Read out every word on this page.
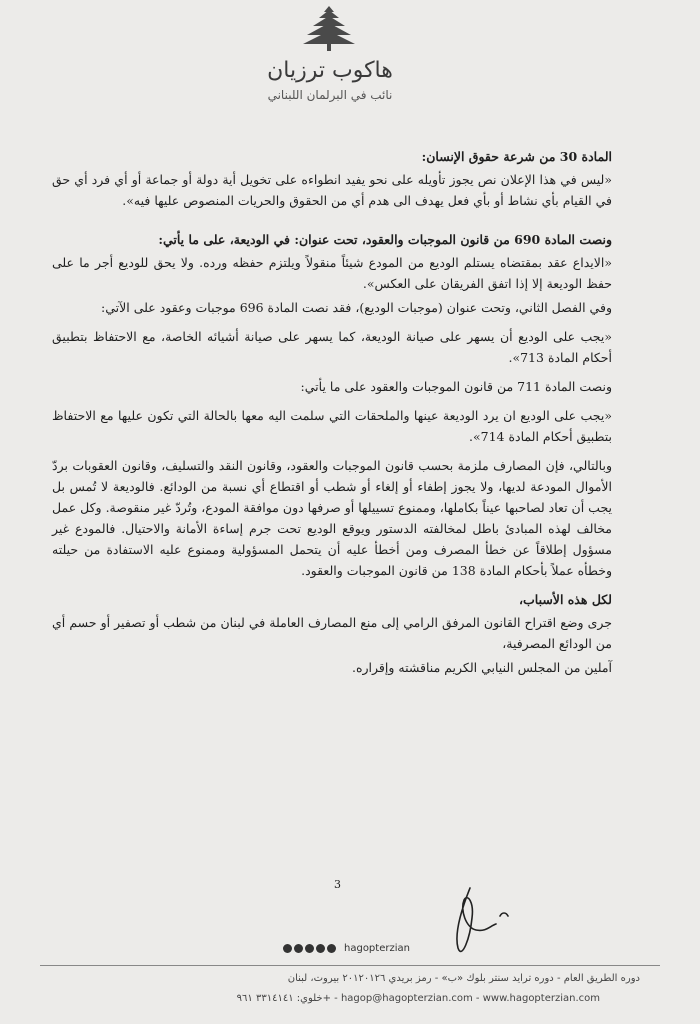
هاكوب ترزيان
نائب في البرلمان اللبناني

المادة 30 من شرعة حقوق الإنسان:

«ليس في هذا الإعلان نص يجوز تأويله على نحو يفيد انطواءه على تخويل أية دولة أو جماعة أو أي فرد أي حق في القيام بأي نشاط أو بأي فعل يهدف الى هدم أي من الحقوق والحريات المنصوص عليها فيه».

ونصت المادة 690 من قانون الموجبات والعقود، تحت عنوان: في الوديعة، على ما يأتي:

«الايداع عقد بمقتضاه يستلم الوديع من المودع شيئاً منقولاً ويلتزم حفظه ورده. ولا يحق للوديع أجر ما على حفظ الوديعة إلا إذا اتفق الفريقان على العكس».

وفي الفصل الثاني، وتحت عنوان (موجبات الوديع)، فقد نصت المادة 696 موجبات وعقود على الآتي:

«يجب على الوديع أن يسهر على صيانة الوديعة، كما يسهر على صيانة أشيائه الخاصة، مع الاحتفاظ بتطبيق أحكام المادة 713».

ونصت المادة 711 من قانون الموجبات والعقود على ما يأتي:

«يجب على الوديع ان يرد الوديعة عينها والملحقات التي سلمت اليه معها بالحالة التي تكون عليها مع الاحتفاظ بتطبيق أحكام المادة 714».

وبالتالي، فإن المصارف ملزمة بحسب قانون الموجبات والعقود، وقانون النقد والتسليف، وقانون العقوبات بردّ الأموال المودعة لديها، ولا يجوز إطفاء أو إلغاء أو شطب أو اقتطاع أي نسبة من الودائع. فالوديعة لا تُمس بل يجب أن تعاد لصاحبها عيناً بكاملها، وممنوع تسييلها أو صرفها دون موافقة المودع، وتُردّ غير منقوصة. وكل عمل مخالف لهذه المبادئ باطل لمخالفته الدستور ويوقع الوديع تحت جرم إساءة الأمانة والاحتيال. فالمودع غير مسؤول إطلاقاً عن خطأ المصرف ومن أخطأ عليه أن يتحمل المسؤولية وممنوع عليه الاستفادة من حيلته وخطأه عملاً بأحكام المادة 138 من قانون الموجبات والعقود.

لكل هذه الأسباب،

جرى وضع اقتراح القانون المرفق الرامي إلى منع المصارف العاملة في لبنان من شطب أو تصفير أو حسم أي من الودائع المصرفية،

آملين من المجلس النيابي الكريم مناقشته وإقراره.

3
hagopterzian
دوره الطريق العام - دوره ترايد سنتر بلوك «ب» - رمز بريدي ٢٠١٢٠١٢٦ بيروت، لبنان
خلوي: ٣٣١٤١٤١ ٩٦١+ - hagop@hagopterzian.com - www.hagopterzian.com
